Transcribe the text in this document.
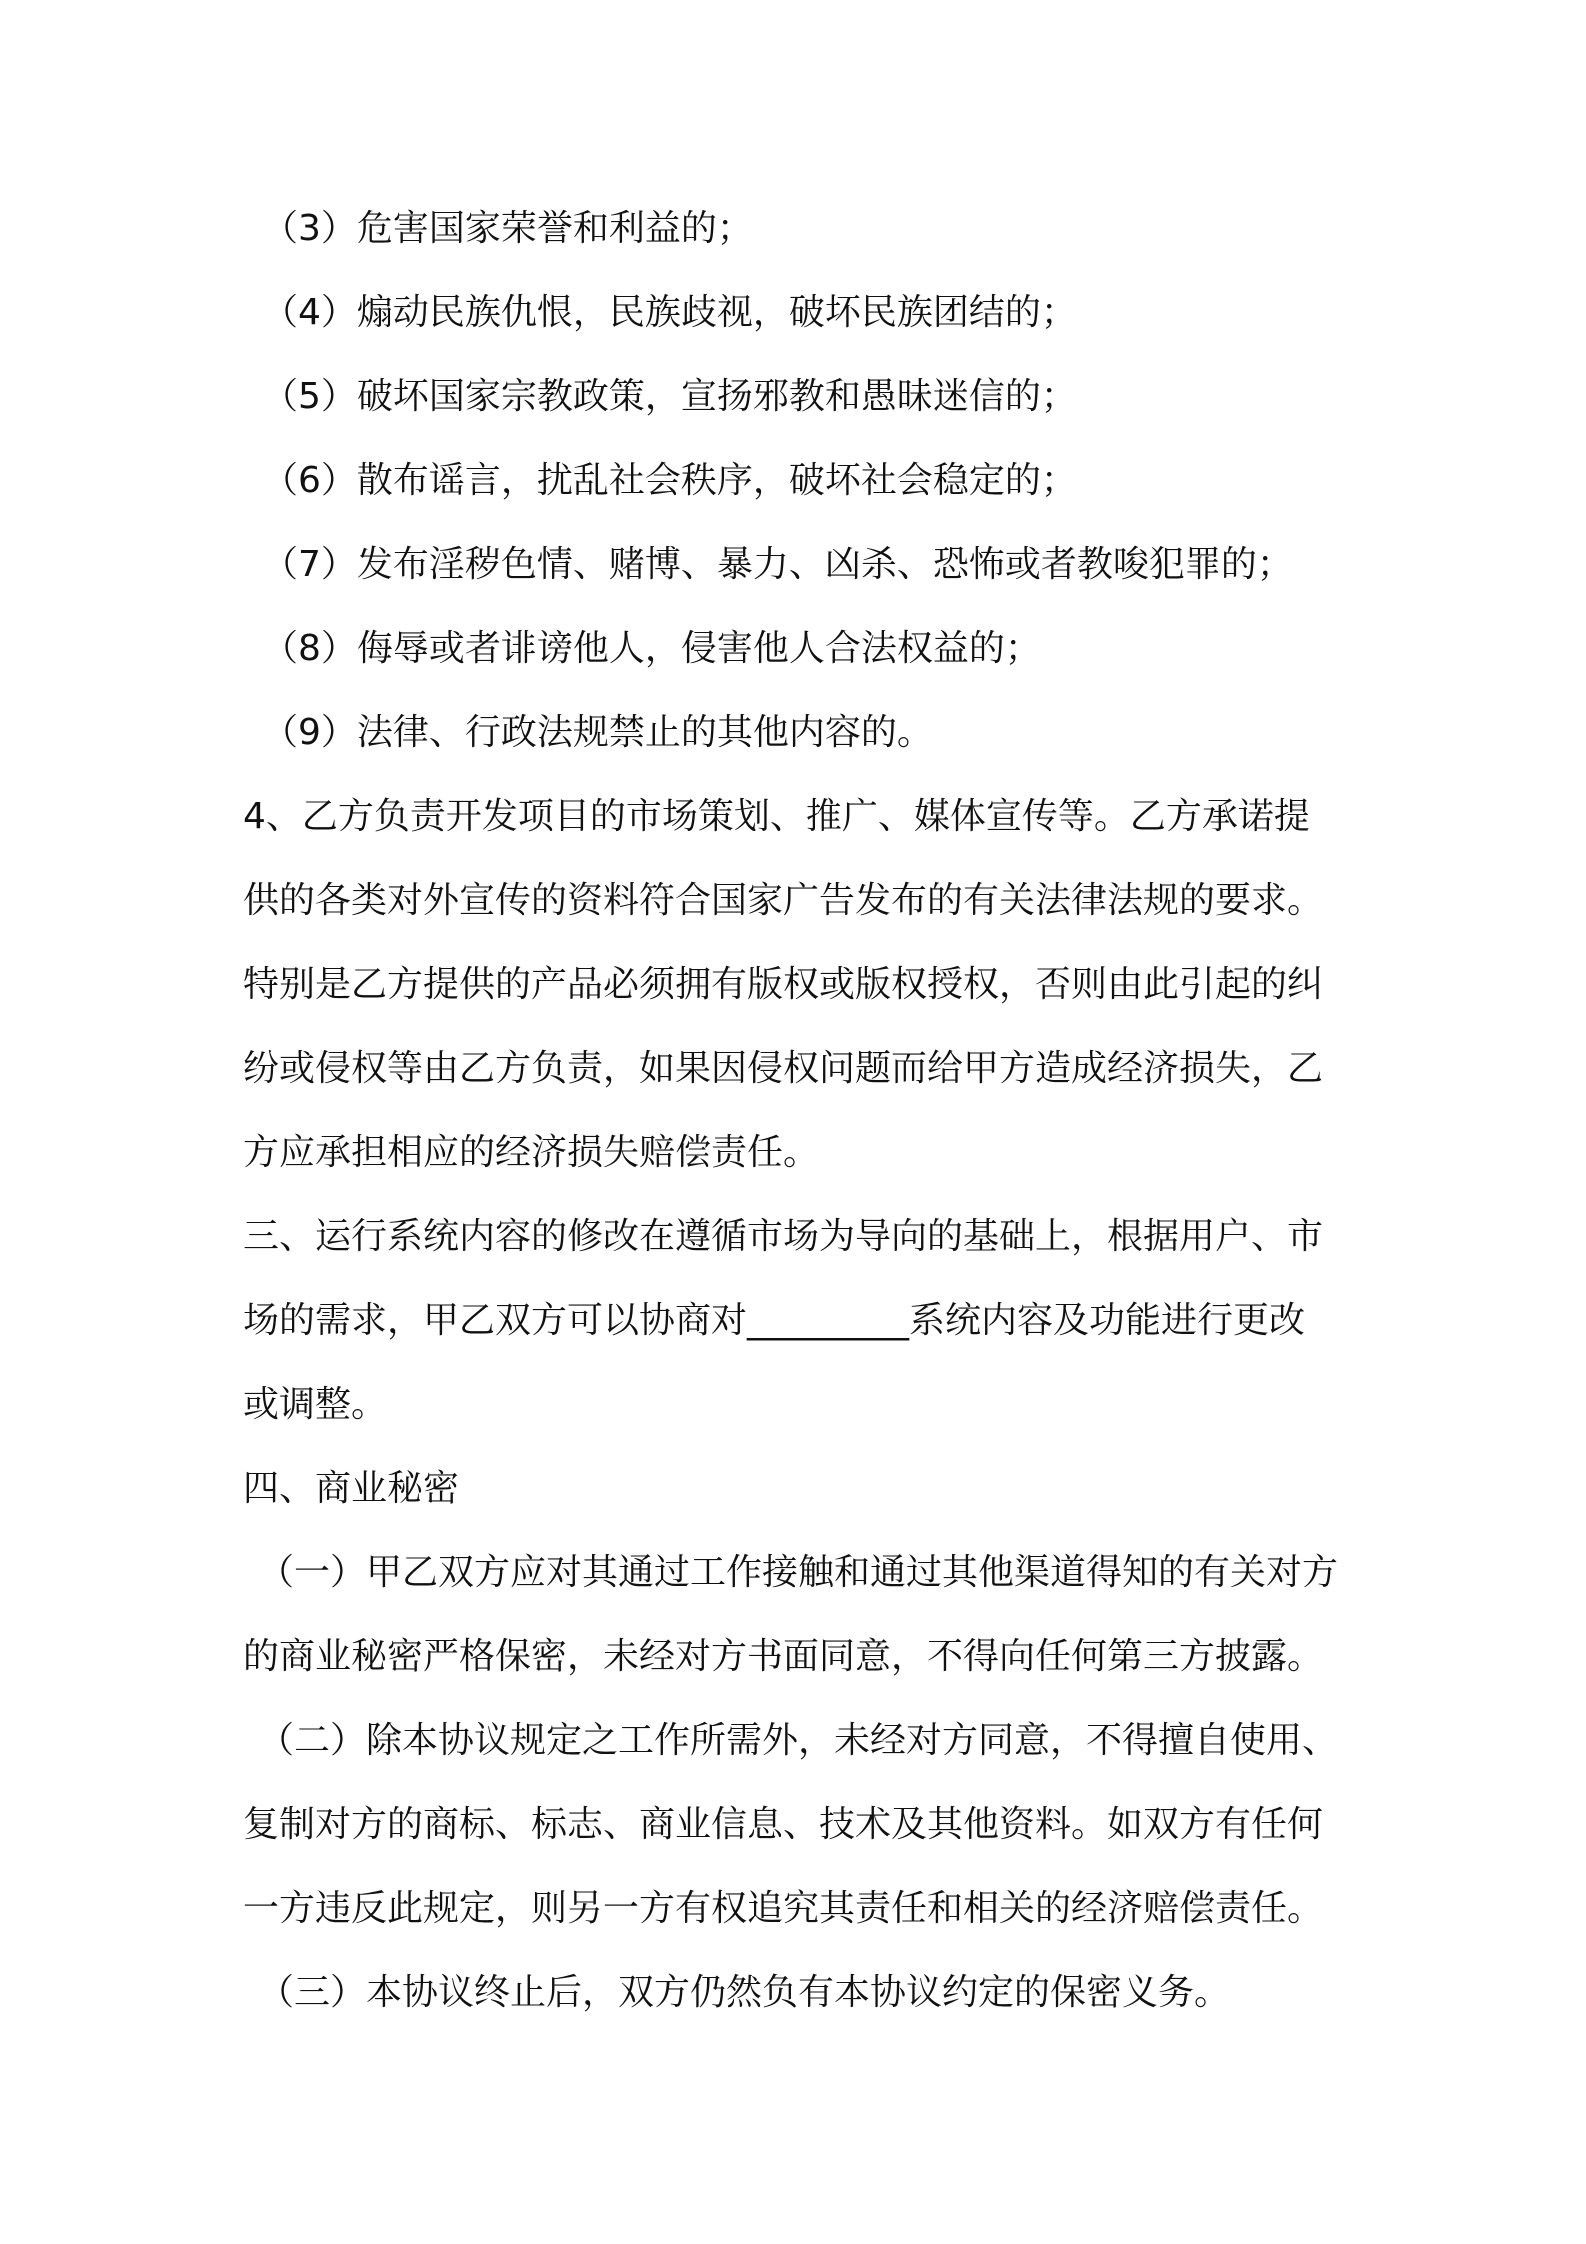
（3）危害国家荣誉和利益的；
（4）煽动民族仇恨，民族歧视，破坏民族团结的；
（5）破坏国家宗教政策，宣扬邪教和愚昧迷信的；
（6）散布谣言，扰乱社会秩序，破坏社会稳定的；
（7）发布淫秽色情、赌博、暴力、凶杀、恐怖或者教唆犯罪的；
（8）侮辱或者诽谤他人，侵害他人合法权益的；
（9）法律、行政法规禁止的其他内容的。
4、乙方负责开发项目的市场策划、推广、媒体宣传等。乙方承诺提
供的各类对外宣传的资料符合国家广告发布的有关法律法规的要求。
特别是乙方提供的产品必须拥有版权或版权授权，否则由此引起的纠
纷或侵权等由乙方负责，如果因侵权问题而给甲方造成经济损失，乙
方应承担相应的经济损失赔偿责任。
三、运行系统内容的修改在遵循市场为导向的基础上，根据用户、市
场的需求，甲乙双方可以协商对_________系统内容及功能进行更改
或调整。
四、商业秘密
（一）甲乙双方应对其通过工作接触和通过其他渠道得知的有关对方
的商业秘密严格保密，未经对方书面同意，不得向任何第三方披露。
（二）除本协议规定之工作所需外，未经对方同意，不得擅自使用、
复制对方的商标、标志、商业信息、技术及其他资料。如双方有任何
一方违反此规定，则另一方有权追究其责任和相关的经济赔偿责任。
（三）本协议终止后，双方仍然负有本协议约定的保密义务。
